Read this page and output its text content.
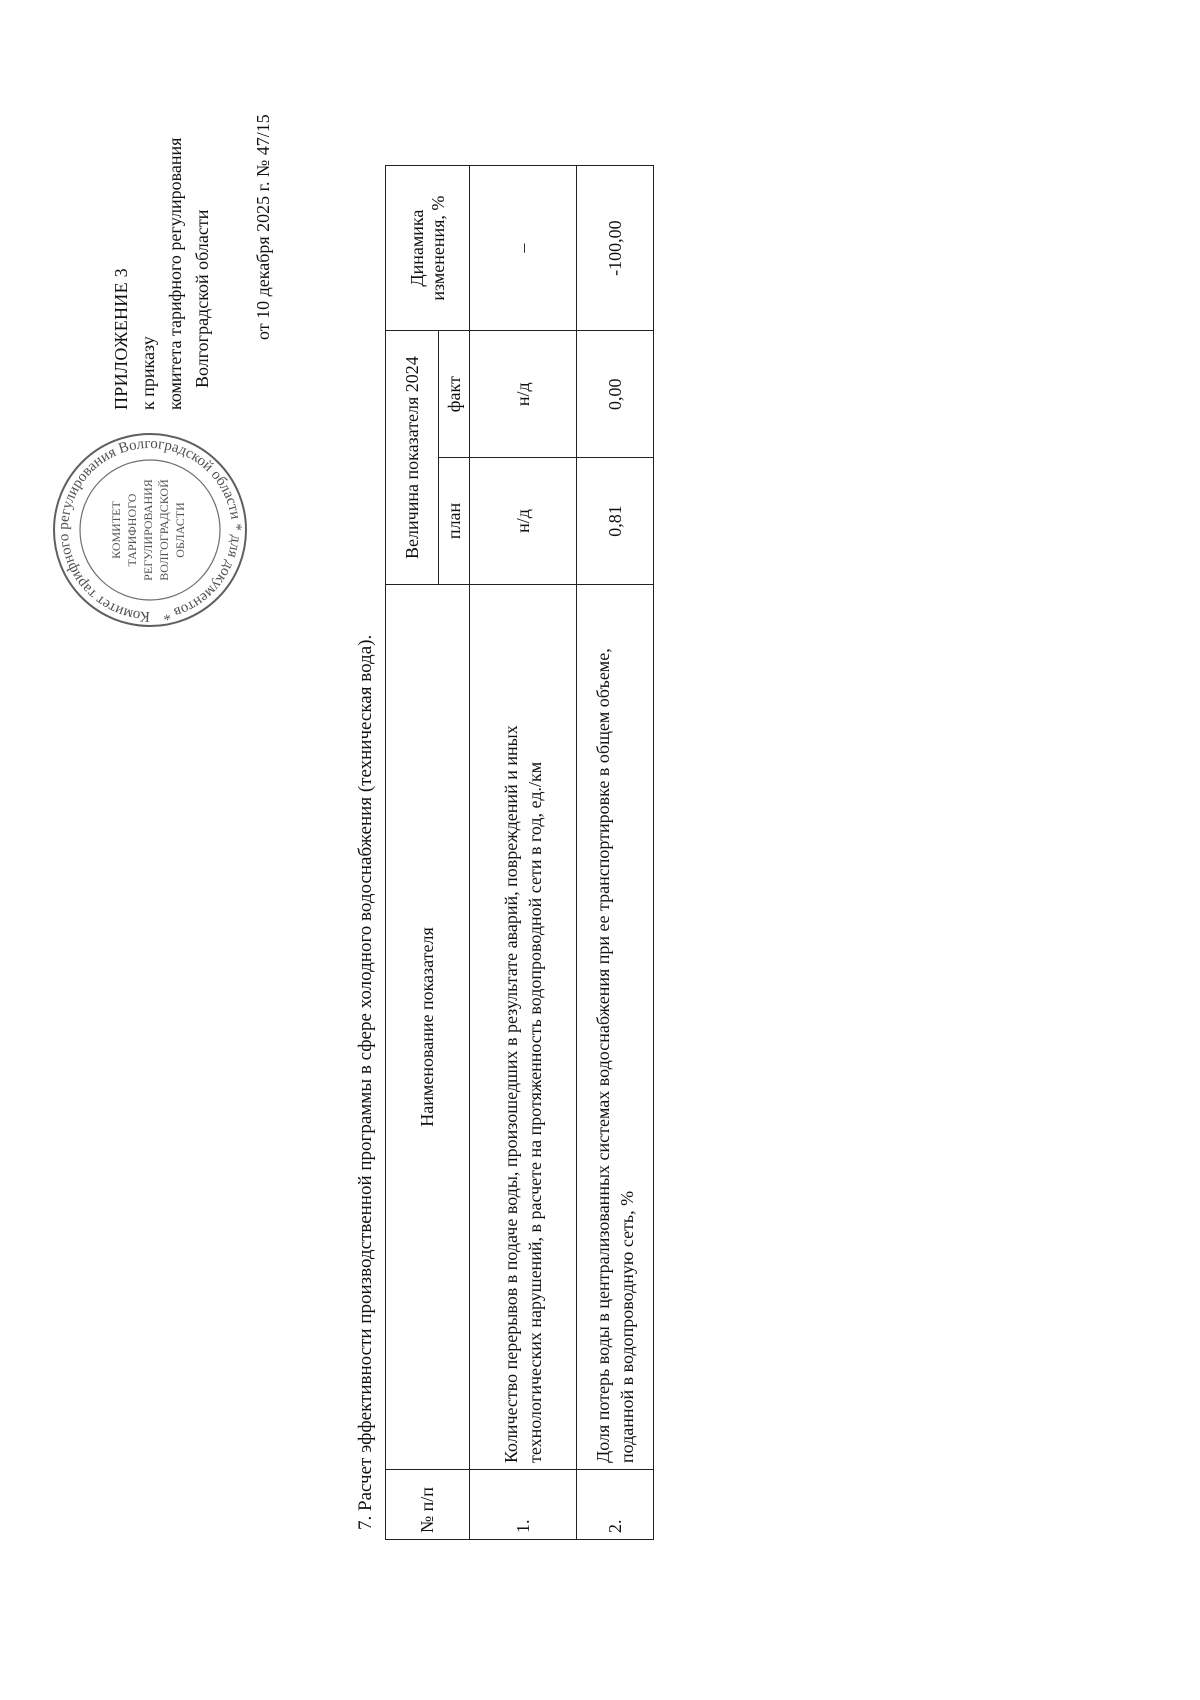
Комитет тарифного регулирования Волгоградской области * для документов *
КОМИТЕТ ТАРИФНОГО РЕГУЛИРОВАНИЯ ВОЛГОГРАДСКОЙ ОБЛАСТИ
ПРИЛОЖЕНИЕ 3 к приказу комитета тарифного регулирования Волгоградской области от 10 декабря 2025 г. № 47/15
7. Расчет эффективности производственной программы в сфере холодного водоснабжения (техническая вода). № п/п	Наименование показателя	Величина показателя 2024		Динамика изменения, %
		план	факт	
1.	Количество перерывов в подаче воды, произошедших в результате аварий, повреждений и иных технологических нарушений, в расчете на протяженность водопроводной сети в год, ед./км	н/д	н/д	–
2.	Доля потерь воды в централизованных системах водоснабжения при ее транспортировке в общем объеме, поданной в водопроводную сеть, %	0,81	0,00	-100,00
